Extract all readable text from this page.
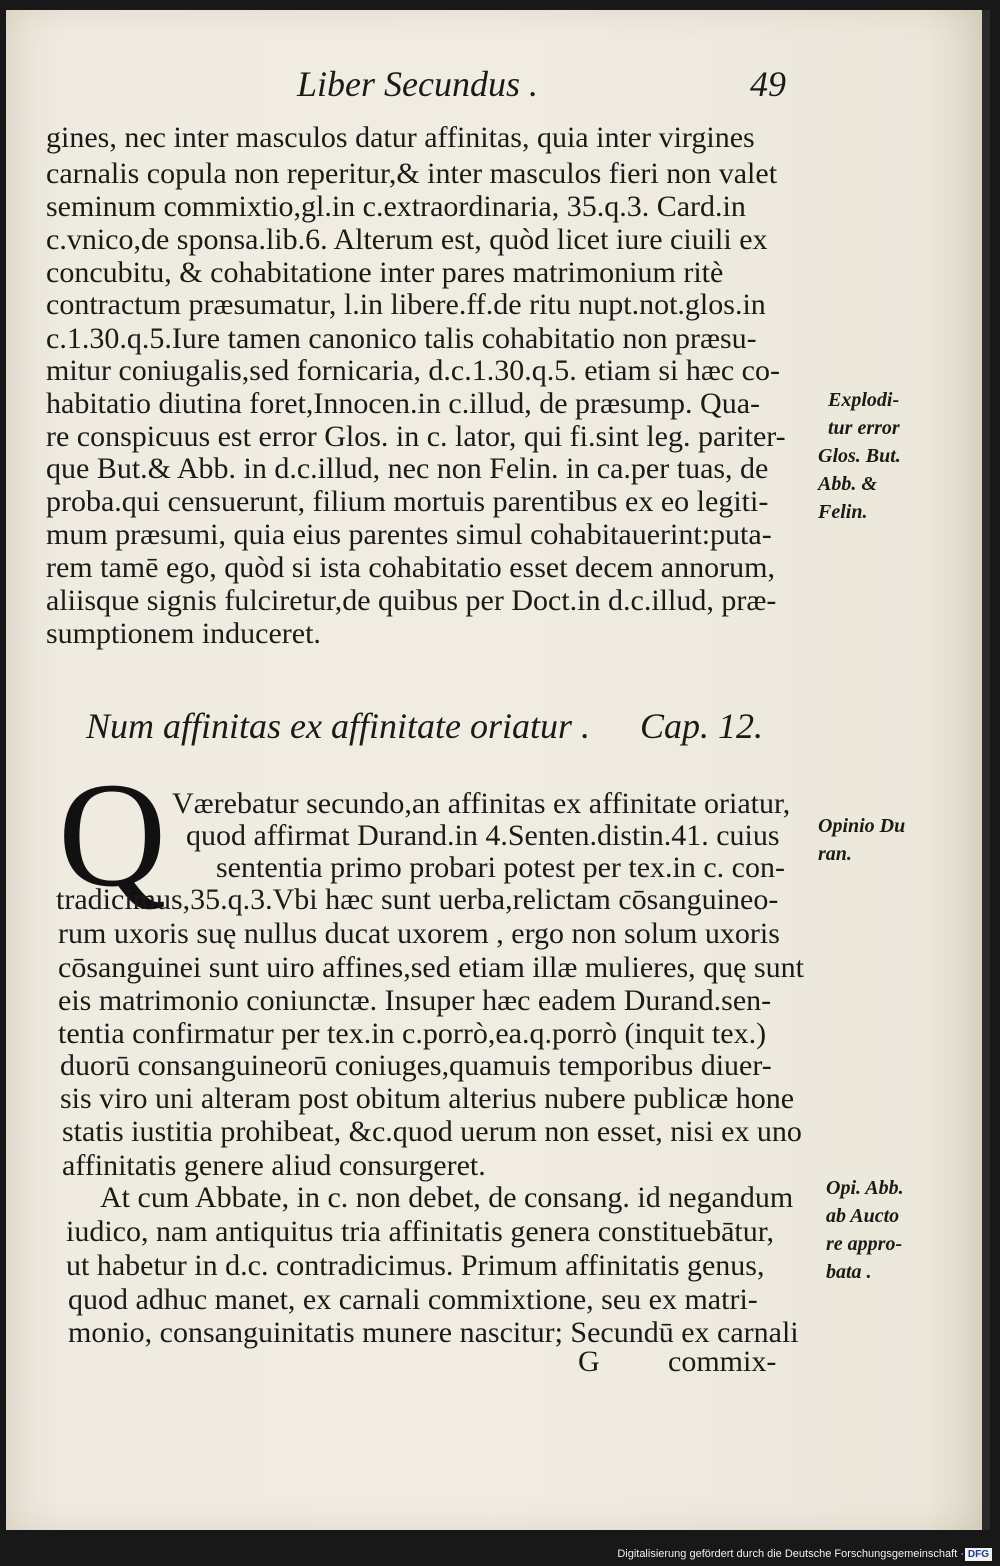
Liber Secundus .	49
gines, nec inter masculos datur affinitas, quia inter virgines
carnalis copula non reperitur,& inter masculos fieri non valet
seminum commixtio,gl.in c.extraordinaria, 35.q.3. Card.in
c.vnico,de sponsa.lib.6. Alterum est, quòd licet iure ciuili ex
concubitu, & cohabitatione inter pares matrimonium ritè
contractum præsumatur, l.in libere.ff.de ritu nupt.not.glos.in
c.1.30.q.5.Iure tamen canonico talis cohabitatio non præsu-
mitur coniugalis,sed fornicaria, d.c.1.30.q.5. etiam si hæc co-
habitatio diutina foret,Innocen.in c.illud, de præsump. Qua-
re conspicuus est error Glos. in c. lator, qui fi.sint leg. pariter-
que But.& Abb. in d.c.illud, nec non Felin. in ca.per tuas, de
proba.qui censuerunt, filium mortuis parentibus ex eo legiti-
mum præsumi, quia eius parentes simul cohabitauerint:puta-
rem tamē ego, quòd si ista cohabitatio esset decem annorum,
aliisque signis fulciretur,de quibus per Doct.in d.c.illud, præ-
sumptionem induceret.
Explodi-
tur error
Glos. But.
Abb. &
Felin.
Num affinitas ex affinitate oriatur . Cap. 12.
Q Værebatur secundo,an affinitas ex affinitate oriatur,
quod affirmat Durand.in 4.Senten.distin.41. cuius
sententia primo probari potest per tex.in c. con-
tradicimus,35.q.3.Vbi hæc sunt uerba,relictam cōsanguineo-
rum uxoris suę nullus ducat uxorem , ergo non solum uxoris
cōsanguinei sunt uiro affines,sed etiam illæ mulieres, quę sunt
eis matrimonio coniunctæ. Insuper hæc eadem Durand.sen-
tentia confirmatur per tex.in c.porrò,ea.q.porrò (inquit tex.)
duorū consanguineorū coniuges,quamuis temporibus diuer-
sis viro uni alteram post obitum alterius nubere publicæ hone
statis iustitia prohibeat, &c.quod uerum non esset, nisi ex uno
affinitatis genere aliud consurgeret.
At cum Abbate, in c. non debet, de consang. id negandum
iudico, nam antiquitus tria affinitatis genera constituebātur,
ut habetur in d.c. contradicimus. Primum affinitatis genus,
quod adhuc manet, ex carnali commixtione, seu ex matri-
monio, consanguinitatis munere nascitur; Secundū ex carnali
Opinio Du
ran.
Opi. Abb.
ab Aucto
re appro-
bata .
G commix-
Digitalisierung gefördert durch die Deutsche Forschungsgemeinschaft · DFG
